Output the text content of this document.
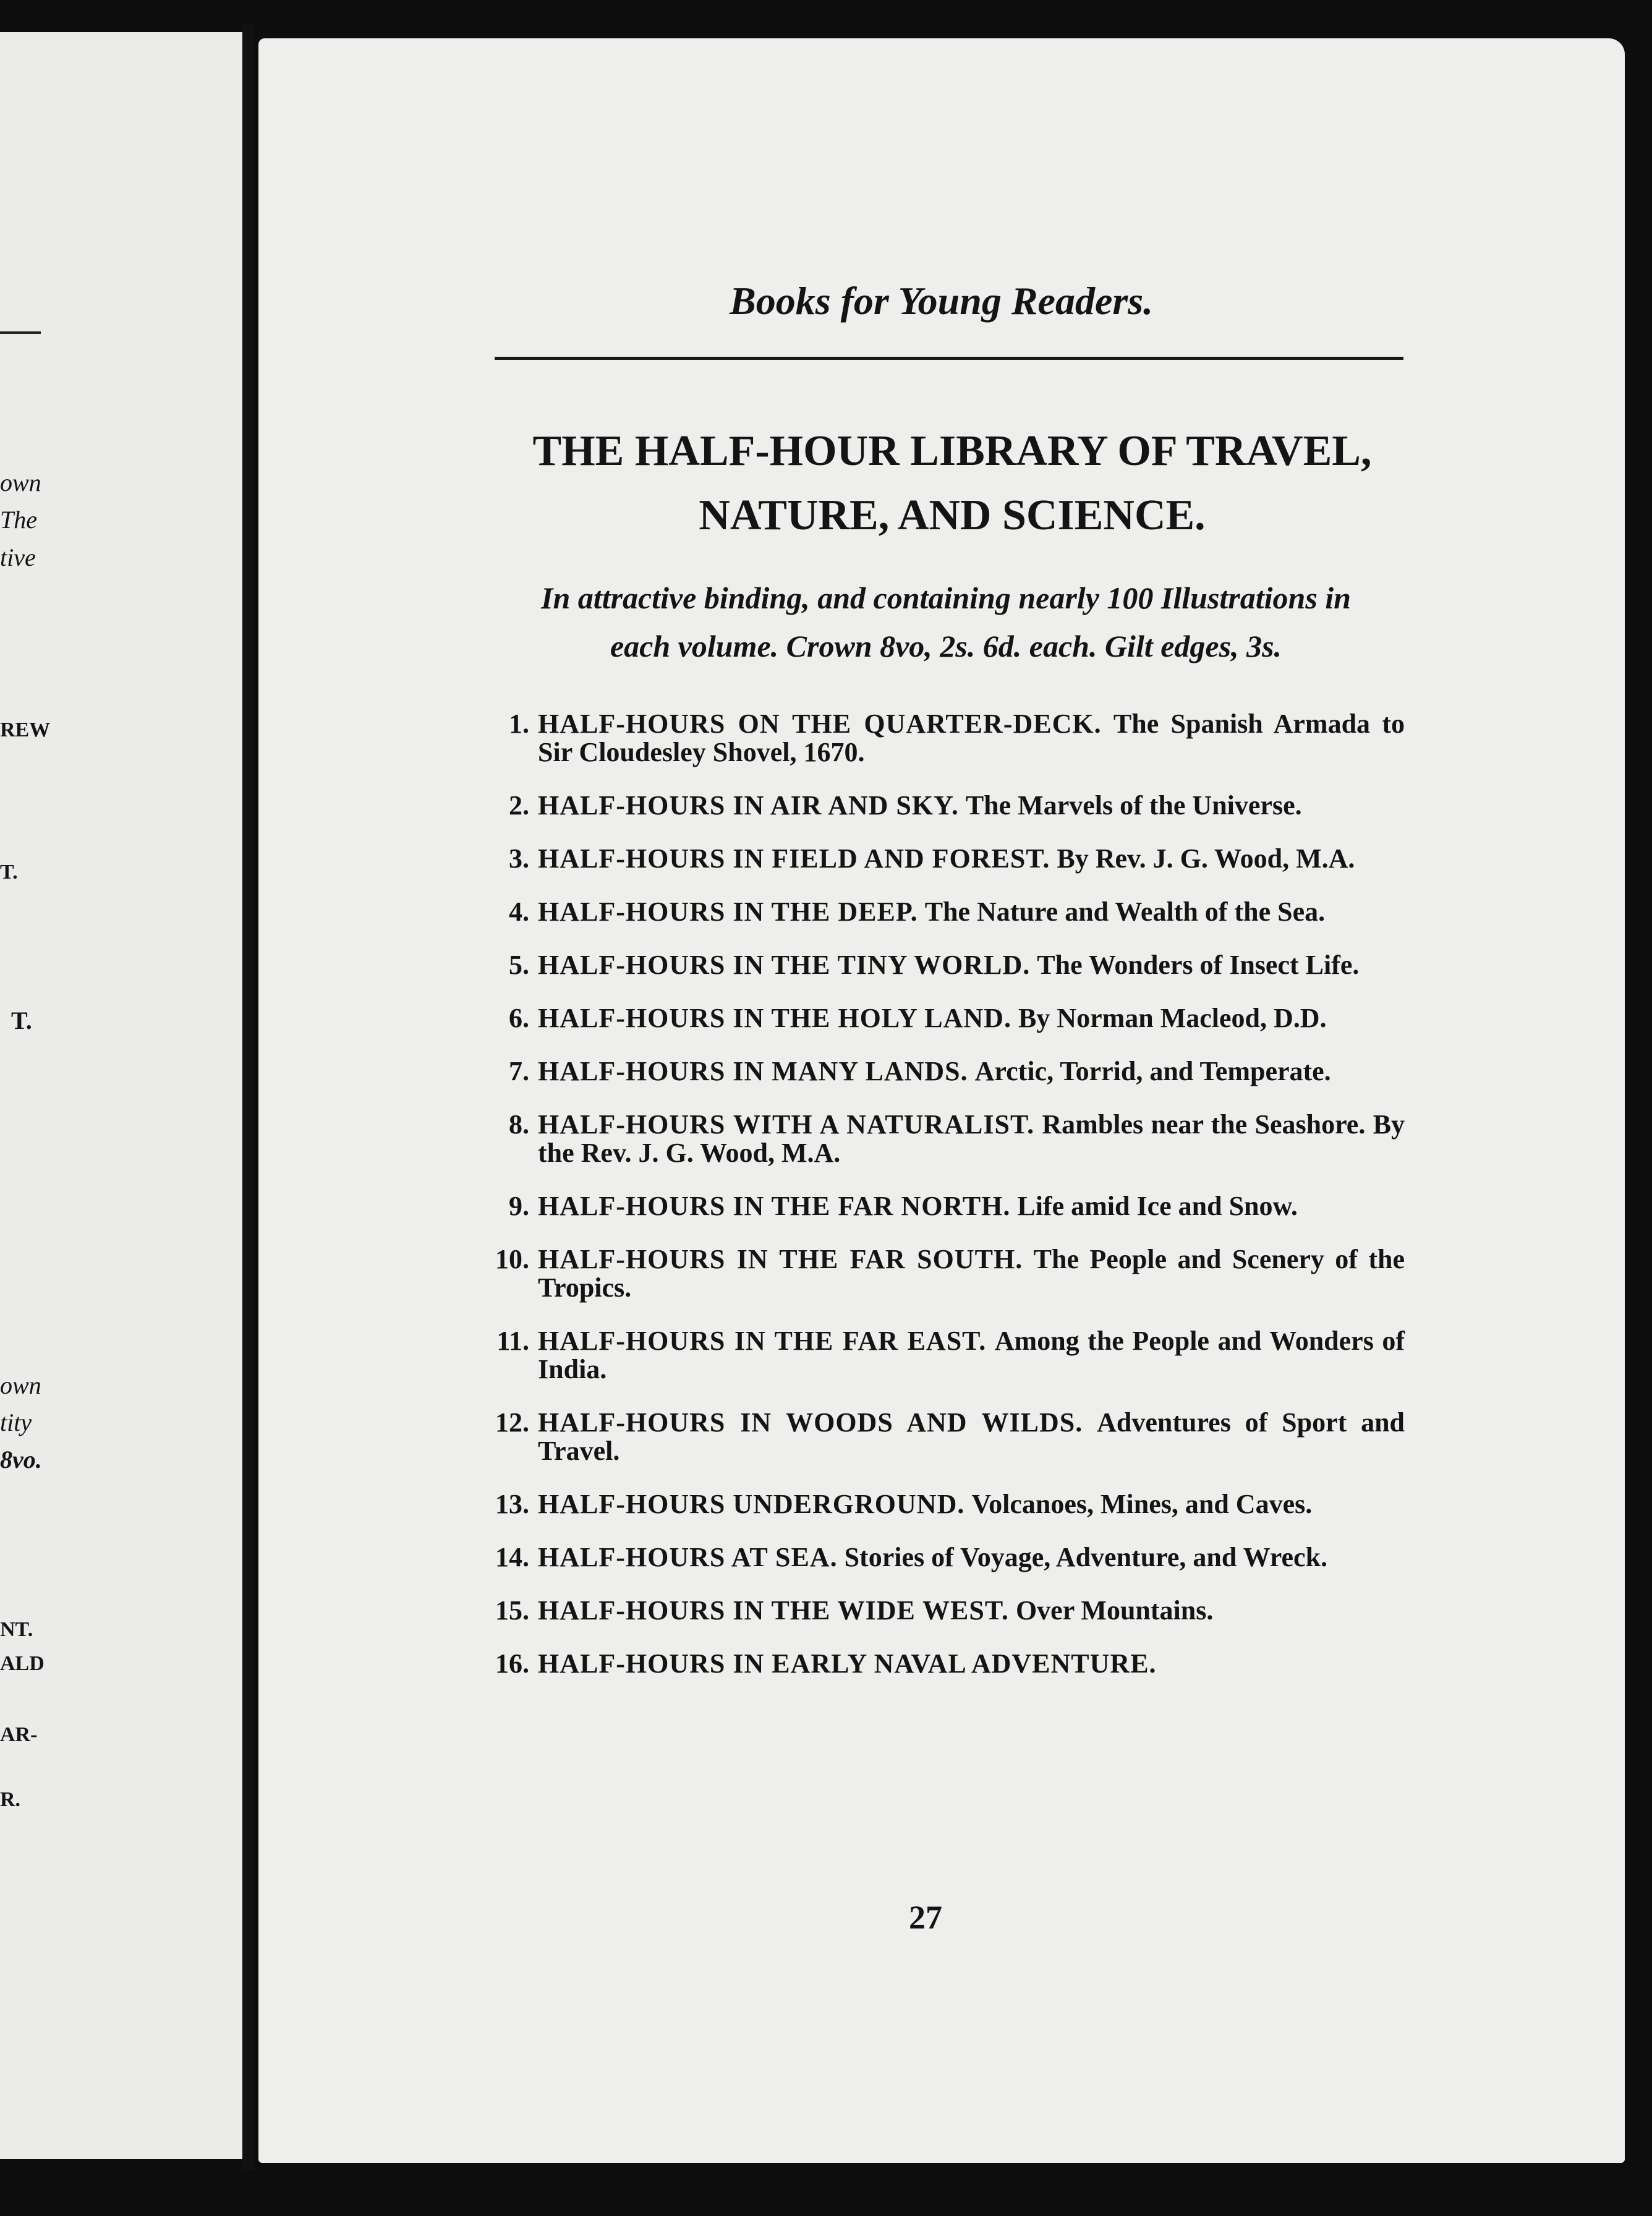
own
The
tive
REW
T.
T.
own
tity
8vo.
NT.
ALD
AR-
R.
Books for Young Readers.
THE HALF-HOUR LIBRARY OF TRAVEL,
NATURE, AND SCIENCE.
In attractive binding, and containing nearly 100 Illustrations in
each volume. Crown 8vo, 2s. 6d. each. Gilt edges, 3s.
1. HALF-HOURS ON THE QUARTER-DECK. The Spanish Armada to Sir Cloudesley Shovel, 1670.
2. HALF-HOURS IN AIR AND SKY. The Marvels of the Universe.
3. HALF-HOURS IN FIELD AND FOREST. By Rev. J. G. Wood, M.A.
4. HALF-HOURS IN THE DEEP. The Nature and Wealth of the Sea.
5. HALF-HOURS IN THE TINY WORLD. The Wonders of Insect Life.
6. HALF-HOURS IN THE HOLY LAND. By Norman Macleod, D.D.
7. HALF-HOURS IN MANY LANDS. Arctic, Torrid, and Temperate.
8. HALF-HOURS WITH A NATURALIST. Rambles near the Seashore. By the Rev. J. G. Wood, M.A.
9. HALF-HOURS IN THE FAR NORTH. Life amid Ice and Snow.
10. HALF-HOURS IN THE FAR SOUTH. The People and Scenery of the Tropics.
11. HALF-HOURS IN THE FAR EAST. Among the People and Wonders of India.
12. HALF-HOURS IN WOODS AND WILDS. Adventures of Sport and Travel.
13. HALF-HOURS UNDERGROUND. Volcanoes, Mines, and Caves.
14. HALF-HOURS AT SEA. Stories of Voyage, Adventure, and Wreck.
15. HALF-HOURS IN THE WIDE WEST. Over Mountains.
16. HALF-HOURS IN EARLY NAVAL ADVENTURE.
27
